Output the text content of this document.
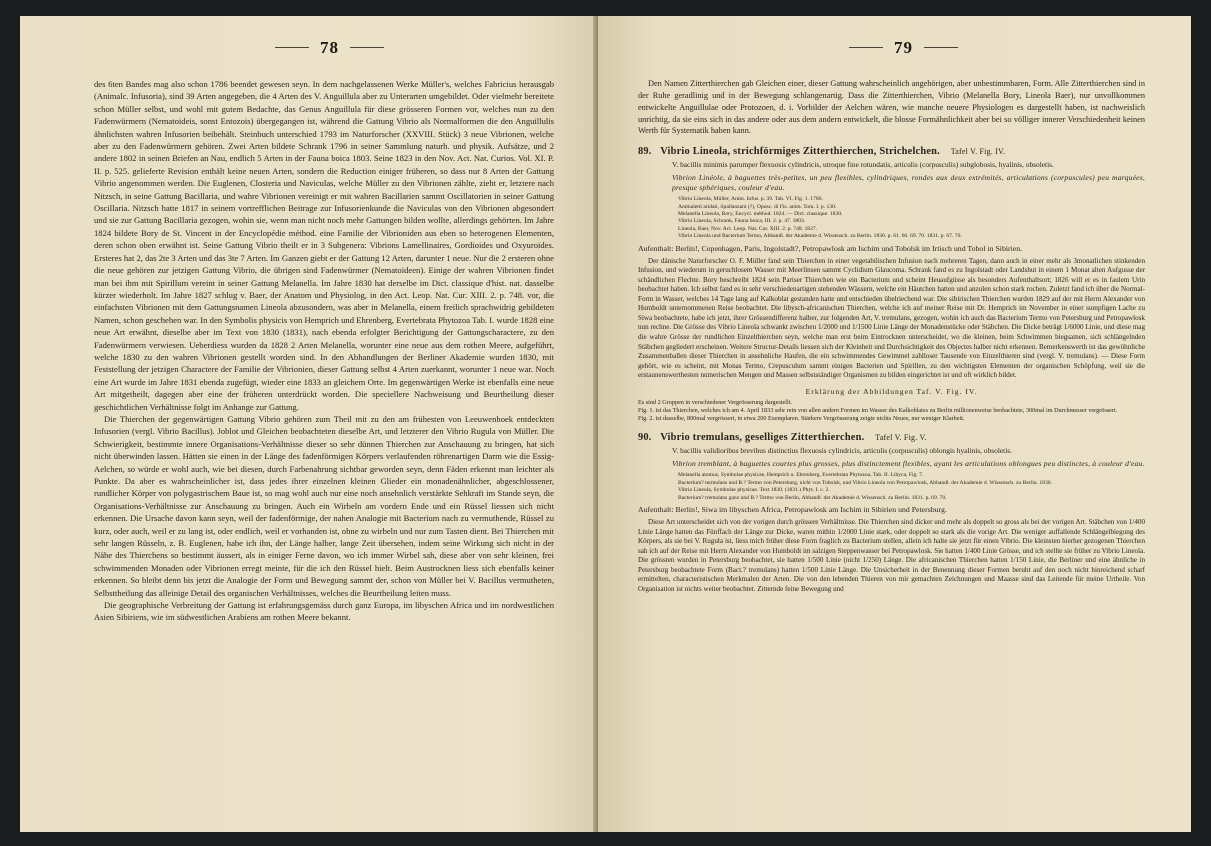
78

des 6ten Bandes mag also schon 1786 beendet gewesen seyn. In dem nachgelassenen Werke Müller's, welches Fabricius herausgab (Animalc. Infusoria), sind 39 Arten angegeben, die 4 Arten des V. Anguillula aber zu Unterarten umgebildet. Oder vielmehr bereitete schon Müller selbst, und wohl mit gutem Bedachte, das Genus Anguillula für diese grösseren Formen vor, welches nun zu den Fadenwürmern (Nematoideis, sonst Entozois) übergegangen ist, während die Gattung Vibrio als Normalformen die den Anguillulis ähnlichsten wahren Infusorien beibehält. Steinbuch unterschied 1793 im Naturforscher (XXVIII. Stück) 3 neue Vibrionen, welche aber zu den Fadenwürmern gehören. Zwei Arten bildete Schrank 1796 in seiner Sammlung naturh. und physik. Aufsätze, und 2 andere 1802 in seinen Briefen an Nau, endlich 5 Arten in der Fauna boica 1803. Seine 1823 in den Nov. Act. Nat. Curios. Vol. XI. P. II. p. 525. gelieferte Revision enthält keine neuen Arten, sondern die Reduction einiger früheren, so dass nur 8 Arten der Gattung Vibrio angenommen werden. Die Euglenen, Closteria und Naviculas, welche Müller zu den Vibrionen zählte, zieht er, letztere nach Nitzsch, in seine Gattung Bacillaria, und wahre Vibrionen vereinigt er mit wahren Bacillarien sammt Oscillatorien in seiner Gattung Oscillaria. Nitzsch hatte 1817 in seinem vortrefflichen Beitrage zur Infusorienkunde die Naviculas von den Vibrionen abgesondert und sie zur Gattung Bacillaria gezogen, wohin sie, wenn man nicht noch mehr Gattungen bilden wollte, allerdings gehörten. Im Jahre 1824 bildete Bory de St. Vincent in der Encyclopédie méthod. eine Familie der Vibrioniden aus eben so heterogenen Elementen, deren schon oben erwähnt ist. Seine Gattung Vibrio theilt er in 3 Subgenera: Vibrions Lamellinaires, Gordioides und Oxyuroides. Ersteres hat 2, das 2te 3 Arten und das 3te 7 Arten. Im Ganzen giebt er der Gattung 12 Arten, darunter 1 neue. Nur die 2 ersteren ohne die neue gehören zur jetzigen Gattung Vibrio, die übrigen sind Fadenwürmer (Nematoideen). Einige der wahren Vibrionen findet man bei ihm mit Spirillum vereint in seiner Gattung Melanella. Im Jahre 1830 hat derselbe im Dict. classique d'hist. nat. dasselbe kürzer wiederholt. Im Jahre 1827 schlug v. Baer, der Anatom und Physiolog, in den Act. Leop. Nat. Cur. XIII. 2. p. 748. vor, die einfachsten Vibrionen mit dem Gattungsnamen Lineola abzusondern, was aber in Melanella, einem freilich sprachwidrig gebildeten Namen, schon geschehen war. In den Symbolis physicis von Hemprich und Ehrenberg, Evertebrata Phytozoa Tab. I. wurde 1828 eine neue Art erwähnt, dieselbe aber im Text von 1830 (1831), nach ebenda erfolgter Berichtigung der Gattungscharactere, zu den Fadenwürmern verwiesen. Ueberdiess wurden da 1828 2 Arten Melanella, worunter eine neue aus dem rothen Meere, aufgeführt, welche 1830 zu den wahren Vibrionen gestellt worden sind. In den Abhandlungen der Berliner Akademie wurden 1830, mit Feststellung der jetzigen Charactere der Familie der Vibrionien, dieser Gattung selbst 4 Arten zuerkannt, worunter 1 neue war. Noch eine Art wurde im Jahre 1831 ebenda zugefügt, wieder eine 1833 an gleichem Orte. Im gegenwärtigen Werke ist ebenfalls eine neue Art mitgetheilt, dagegen aber eine der früheren unterdrückt worden. Die speciellere Nachweisung und Beurtheilung dieser geschichtlichen Verhältnisse folgt im Anhange zur Gattung.

Die Thierchen der gegenwärtigen Gattung Vibrio gehören zum Theil mit zu den am frühesten von Leeuwenhoek entdeckten Infusorien (vergl. Vibrio Bacillus). Joblot und Gleichen beobachteten dieselbe Art, und letzterer den Vibrio Rugula von Müller. Die Schwierigkeit, bestimmte innere Organisations-Verhältnisse dieser so sehr dünnen Thierchen zur Anschauung zu bringen, hat sich nicht überwinden lassen. Hätten sie einen in der Länge des fadenförmigen Körpers verlaufenden röhrenartigen Darm wie die Essig-Aelchen, so würde er wohl auch, wie bei diesen, durch Farbenahrung sichtbar geworden seyn, denn Fäden erkennt man leichter als Punkte. Da aber es wahrscheinlicher ist, dass jedes ihrer einzelnen kleinen Glieder ein monadenähnlicher, abgeschlossener, rundlicher Körper von polygastrischem Baue ist, so mag wohl auch nur eine noch ansehnlich verstärkte Sehkraft im Stande seyn, die Organisations-Verhältnisse zur Anschauung zu bringen. Auch ein Wirbeln am vordern Ende und ein Rüssel liessen sich nicht erkennen. Die Ursache davon kann seyn, weil der fadenförmige, der nahen Analogie mit Bacterium nach zu vermuthende, Rüssel zu kurz, oder auch, weil er zu lang ist, oder endlich, weil er vorhanden ist, ohne zu wirbeln und nur zum Tasten dient. Bei Thierchen mit sehr langen Rüsseln, z. B. Euglenen, habe ich ihn, der Länge halber, lange Zeit übersehen, indem seine Wirkung sich nicht in der Nähe des Thierchens so bestimmt äussert, als in einiger Ferne davon, wo ich immer Wirbel sah, diese aber von sehr kleinen, frei schwimmenden Monaden oder Vibrionen erregt meinte, für die ich den Rüssel hielt. Beim Austrocknen liess sich ebenfalls keiner erkennen. So bleibt denn bis jetzt die Analogie der Form und Bewegung sammt der, schon von Müller bei V. Bacillus vermutheten, Selbsttheilung das alleinige Detail des organischen Verhältnisses, welches die Beurtheilung leiten muss.

Die geographische Verbreitung der Gattung ist erfahrungsgemäss durch ganz Europa, im libyschen Africa und im nordwestlichen Asien Sibiriens, wie im südwestlichen Arabiens am rothen Meere bekannt.

79

Den Namen Zitterthierchen gab Gleichen einer, dieser Gattung wahrscheinlich angehörigen, aber unbestimmbaren, Form. Alle Zitterthierchen sind in der Ruhe geradlinig und in der Bewegung schlangenartig. Dass die Zitterthierchen, Vibrio (Melanella Bory, Lineola Baer), nur unvollkommen entwickelte Anguillulae oder Protozoen, d. i. Vorbilder der Aelchen wären, wie manche neuere Physiologen es dargestellt haben, ist nachweislich unrichtig, da sie eins sich in das andere oder aus dem andern entwickelt, die blosse Formähnlichkeit aber bei so völliger innerer Verschiedenheit keinen Werth für Systematik haben kann.

89. Vibrio Lineola, strichförmiges Zitterthierchen, Strichelchen. Tafel V. Fig. IV.
V. bacillis minimis parumper flexuosis cylindricis, utroque fine rotundatis, articulis (corpusculis) subglobosis, hyalinis, obsoletis.
Vibrion Linéole, à baguettes très-petites, un peu flexibles, cylindriques, rondes aux deux extrémités, articulations (corpuscules) peu marquées, presque sphériques, couleur d'eau.
Vibrio Lineola, Müller, Anim. Infus. p. 39. Tab. VI. Fig. 1. 1786.
Animaletti aridati, Spallanzani (?), Opusc. di Fis. anim. Tom. I. p. 130.
Melanella Lineola, Bory, Encycl. méthod. 1824. — Dict. classique. 1830.
Vibrio Lineola, Schrank, Fauna boica, III. 2. p. 47. 1803.
Lineola, Baer, Nov. Act. Leop. Nat. Cur. XIII. 2. p. 748. 1827.
Vibrio Lineola und Bacterium Termo, Abhandl. der Akademie d. Wissensch. zu Berlin. 1830. p. 61. 66. 69. 70. 1831. p. 67. 70.
Aufenthalt: Berlin!, Copenhagen, Paris, Ingolstadt?, Petropawlosk am Ischim und Tobolsk im Irtisch und Tobol in Sibirien.

Der dänische Naturforscher O. F. Müller fand sein Thierchen in einer vegetabilischen Infusion nach mehreren Tagen, dann auch in einer mehr als 3monatlichen stinkenden Infusion, und wiederum in geruchlosem Wasser mit Meerlinsen sammt Cyclidium Glaucoma. Schrank fand es zu Ingolstadt oder Landshut in einem 1 Monat alten Aufgusse der schändlichen Flechte. Bory beschreibt 1824 sein Pariser Thierchen wie ein Bacterium und scheint Heuaufgüsse als besonders Aufenthaltsort; 1826 will er es in faulem Urin beobachtet haben. Ich selbst fand es in sehr verschiedenartigen stehenden Wässern, welche ein Häutchen hatten und anzulen schon stark rochen. Zuletzt fand ich über die Normal-Form in Wasser, welches 14 Tage lang auf Kalkoblat gestanden hatte und entschieden übelriechend war. Die sibirischen Thierchen wurden 1829 auf der mit Herrn Alexander von Humboldt unternommenen Reise beobachtet. Die libysch-africanischen Thierchen, welche ich auf meiner Reise mit Dr. Hemprich im November in einer sumpfigen Lache zu Siwa beobachtete, habe ich jetzt, ihrer Grössendifferenz halber, zur folgenden Art, V. tremulans, gezogen, wohin ich auch das Bacterium Termo von Petersburg und Petropawlosk nun rechne. Die Grösse des Vibrio Lineola schwankt zwischen 1/2000 und 1/1500 Linie Länge der Monadenstücke oder Stäbchen. Die Dicke beträgt 1/6000 Linie, und diese mag die wahre Grösse der rundlichen Einzelthierchen seyn, welche man erst beim Eintrocknen unterscheidet, wo die kleinen, beim Schwimmen biegsamen, sich schlängelnden Stäbchen gegliedert erscheinen. Weitere Structur-Details liessen sich der Kleinheit und Durchsichtigkeit des Objectes halber nicht erkennen. Bemerkenswerth ist das gewöhnliche Zusammenballen dieser Thierchen in ansehnliche Haufen, die ein schwimmendes Gewimmel zahlloser Tausende von Einzelthieren sind (vergl. V. tremulans). — Diese Form gehört, wie es scheint, mit Monas Termo, Crepusculum sammt einigen Bacterien und Spirillen, zu den wichtigsten Elementen der organischen Schöpfung, weil sie die erstaunenswerthesten numerischen Mengen und Massen selbstständiger Organismen zu bilden eingerichtet ist und oft wirklich bildet.

Erklärung der Abbildungen Taf. V. Fig. IV.
Es sind 2 Gruppen in verschiedener Vergrösserung dargestellt.
Fig. 1. ist das Thierchen, welches ich am 4. April 1833 sehr rein von allen andern Formen im Wasser des Kalkoblates zu Berlin millionenweise beobachtete, 300mal im Durchmesser vergrössert.
Fig. 2. ist dasselbe, 800mal vergrössert, in etwa 200 Exemplaren. Stärkere Vergrösserung zeigte nichts Neues, nur weniger Klarheit.
90. Vibrio tremulans, geselliges Zitterthierchen. Tafel V. Fig. V.
V. bacillis validioribus brevibus distinctius flexuosis cylindricis, articulis (corpusculis) oblongis hyalinis, obsoletis.
Vibrion tremblant, à baguettes courtes plus grosses, plus distinctement flexibles, ayant les articulations oblongues peu distinctes, à couleur d'eau.
Melanella atomus, Symbolae physicae, Hemprich u. Ehrenberg, Evertebrata Phytozoa, Tab. II. Libyca, Fig. 7.
Bacterium? termulans und B.? Termo von Petersburg, nicht von Tobolsk, und Vibrio Lineola von Petropawlosk, Abhandl. der Akademie d. Wissensch. zu Berlin. 1830.
Vibrio Lineola, Symbolae physicae. Text 1830. (1831.) Phyt. I. c. 2.
Bacterium? tremulans ganz und B.? Termo von Berlin, Abhandl. der Akademie d. Wissensch. zu Berlin. 1831. p. 69. 70.
Aufenthalt: Berlin!, Siwa im libyschen Africa, Petropawlosk am Ischim in Sibirien und Petersburg.

Diese Art unterscheidet sich von der vorigen durch grössere Verhältnisse. Die Thierchen sind dicker und mehr als doppelt so gross als bei der vorigen Art. Stäbchen von 1/400 Linie Länge hatten das Fünffach der Länge zur Dicke, waren mithin 1/2000 Linie stark, oder doppelt so stark als die vorige Art. Die weniger auffallende Schlängelbiegung des Körpers, als sie bei V. Rugula ist, liess mich früher diese Form fraglich zu Bacterium stellen, allein ich halte sie jetzt für einen Vibrio. Die kleinsten hierher gezogenen Thierchen sah ich auf der Reise mit Herrn Alexander von Humboldt im salzigen Steppenwasser bei Petropawlosk. Sie hatten 1/400 Linie Grösse, und ich stellte sie früher zu Vibrio Lineola. Die grössten wurden in Petersburg beobachtet, sie hatten 1/500 Linie (nicht 1/250) Länge. Die africanischen Thierchen hatten 1/150 Linie, die Berliner und eine ähnliche in Petersburg beobachtete Form (Bact.? tremulans) hatten 1/500 Linie Länge. Die Unsicherheit in der Benennung dieser Formen beruht auf den noch nicht hinreichend scharf ermittelten, characteristischen Merkmalen der Arten. Die von den lebenden Thieren von mir gemachten Zeichnungen und Maasse sind das Leitende für meine Urtheile. Von Organisation ist nichts weiter beobachtet. Zitternde feine Bewegung und
